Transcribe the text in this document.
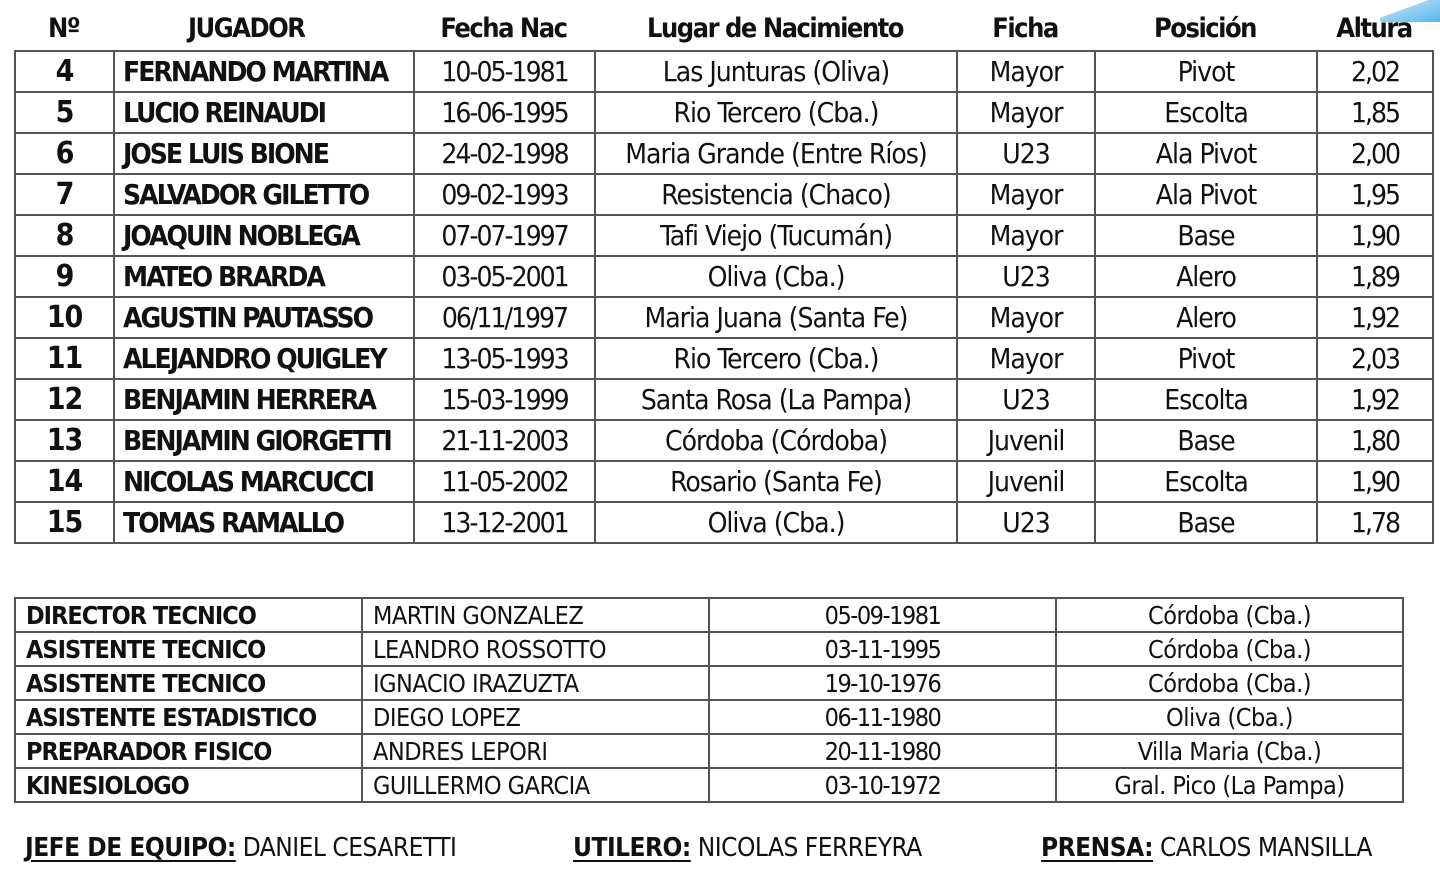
Nº	JUGADOR	Fecha Nac	Lugar de Nacimiento	Ficha	Posición	Altura
4	FERNANDO MARTINA	10-05-1981	Las Junturas (Oliva)	Mayor	Pivot	2,02
5	LUCIO REINAUDI	16-06-1995	Rio Tercero (Cba.)	Mayor	Escolta	1,85
6	JOSE LUIS BIONE	24-02-1998	Maria Grande (Entre Ríos)	U23	Ala Pivot	2,00
7	SALVADOR GILETTO	09-02-1993	Resistencia (Chaco)	Mayor	Ala Pivot	1,95
8	JOAQUIN NOBLEGA	07-07-1997	Tafi Viejo (Tucumán)	Mayor	Base	1,90
9	MATEO BRARDA	03-05-2001	Oliva (Cba.)	U23	Alero	1,89
10	AGUSTIN PAUTASSO	06/11/1997	Maria Juana (Santa Fe)	Mayor	Alero	1,92
11	ALEJANDRO QUIGLEY	13-05-1993	Rio Tercero (Cba.)	Mayor	Pivot	2,03
12	BENJAMIN HERRERA	15-03-1999	Santa Rosa (La Pampa)	U23	Escolta	1,92
13	BENJAMIN GIORGETTI	21-11-2003	Córdoba (Córdoba)	Juvenil	Base	1,80
14	NICOLAS MARCUCCI	11-05-2002	Rosario (Santa Fe)	Juvenil	Escolta	1,90
15	TOMAS RAMALLO	13-12-2001	Oliva (Cba.)	U23	Base	1,78
DIRECTOR TECNICO	MARTIN GONZALEZ	05-09-1981	Córdoba (Cba.)
ASISTENTE TECNICO	LEANDRO ROSSOTTO	03-11-1995	Córdoba (Cba.)
ASISTENTE TECNICO	IGNACIO IRAZUZTA	19-10-1976	Córdoba (Cba.)
ASISTENTE ESTADISTICO	DIEGO LOPEZ	06-11-1980	Oliva (Cba.)
PREPARADOR FISICO	ANDRES LEPORI	20-11-1980	Villa Maria (Cba.)
KINESIOLOGO	GUILLERMO GARCIA	03-10-1972	Gral. Pico (La Pampa)
JEFE DE EQUIPO: DANIEL CESARETTI	UTILERO: NICOLAS FERREYRA	PRENSA: CARLOS MANSILLA
